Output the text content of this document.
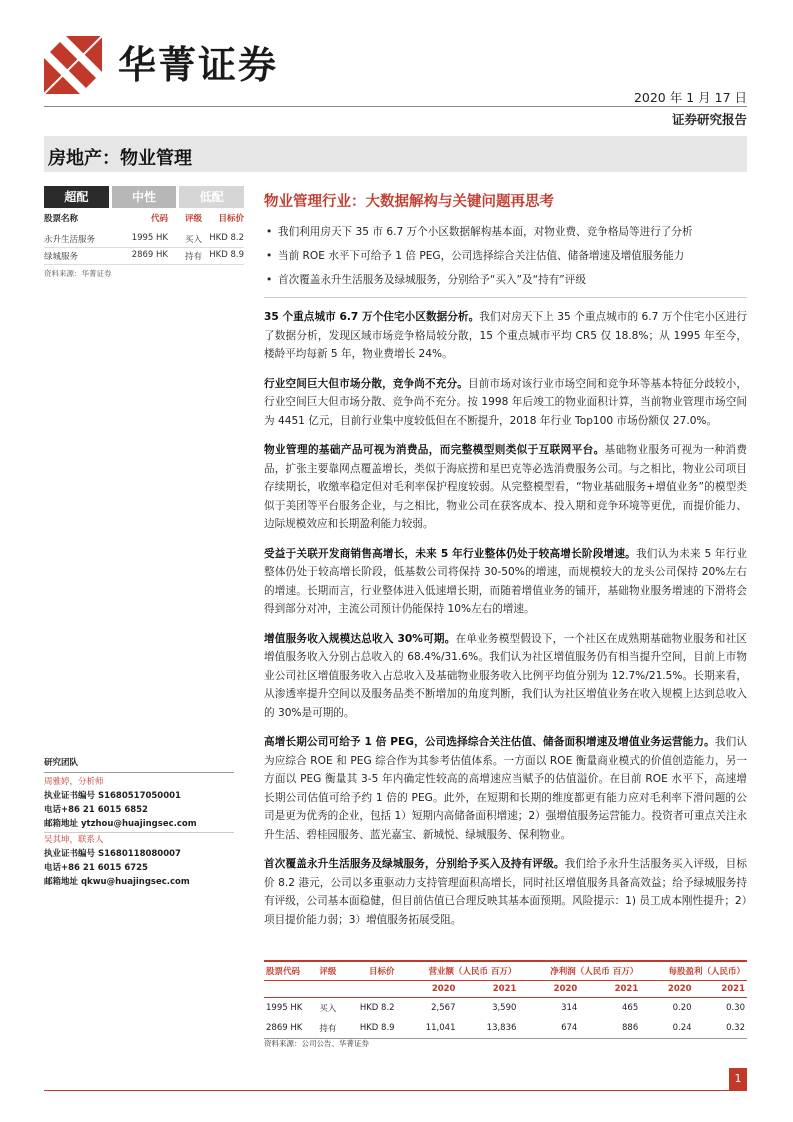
华菁证券
2020 年 1 月 17 日
证券研究报告
房地产：物业管理
超配	中性	低配
股票名称	代码	评级	目标价
永升生活服务	1995 HK	买入 HKD 8.2
绿城服务	2869 HK	持有 HKD 8.9
资料来源：华菁证券
研究团队
周雅婷，分析师
执业证书编号 S1680517050001
电话+86 21 6015 6852
邮箱地址 ytzhou@huajingsec.com
吴其坤，联系人
执业证书编号 S1680118080007
电话+86 21 6015 6725
邮箱地址 qkwu@huajingsec.com
物业管理行业：大数据解构与关键问题再思考
• 我们利用房天下 35 市 6.7 万个小区数据解构基本面，对物业费、竞争格局等进行了分析
• 当前 ROE 水平下可给予 1 倍 PEG，公司选择综合关注估值、储备增速及增值服务能力
• 首次覆盖永升生活服务及绿城服务，分别给予“买入”及“持有”评级

35 个重点城市 6.7 万个住宅小区数据分析。我们对房天下上 35 个重点城市的 6.7 万个住宅小区进行了数据分析，发现区域市场竞争格局较分散，15 个重点城市平均 CR5 仅 18.8%；从 1995 年至今，楼龄平均每新 5 年，物业费增长 24%。

行业空间巨大但市场分散，竞争尚不充分。目前市场对该行业市场空间和竞争环等基本特征分歧较小，行业空间巨大但市场分散、竞争尚不充分。按 1998 年后竣工的物业面积计算，当前物业管理市场空间为 4451 亿元，目前行业集中度较低但在不断提升，2018 年行业 Top100 市场份额仅 27.0%。

物业管理的基础产品可视为消费品，而完整模型则类似于互联网平台。基础物业服务可视为一种消费品，扩张主要靠网点覆盖增长，类似于海底捞和星巴克等必选消费服务公司。与之相比，物业公司项目存续期长，收缴率稳定但对毛利率保护程度较弱。从完整模型看，“物业基础服务+增值业务”的模型类似于美团等平台服务企业，与之相比，物业公司在获客成本、投入期和竞争环境等更优，而提价能力、边际规模效应和长期盈利能力较弱。

受益于关联开发商销售高增长，未来 5 年行业整体仍处于较高增长阶段增速。我们认为未来 5 年行业整体仍处于较高增长阶段，低基数公司将保持 30-50%的增速，而规模较大的龙头公司保持 20%左右的增速。长期而言，行业整体进入低速增长期，而随着增值业务的铺开，基础物业服务增速的下滑将会得到部分对冲，主流公司预计仍能保持 10%左右的增速。

增值服务收入规模达总收入 30%可期。在单业务模型假设下，一个社区在成熟期基础物业服务和社区增值服务收入分别占总收入的 68.4%/31.6%。我们认为社区增值服务仍有相当提升空间，目前上市物业公司社区增值服务收入占总收入及基础物业服务收入比例平均值分别为 12.7%/21.5%。长期来看，从渗透率提升空间以及服务品类不断增加的角度判断，我们认为社区增值业务在收入规模上达到总收入的 30%是可期的。

高增长期公司可给予 1 倍 PEG，公司选择综合关注估值、储备面积增速及增值业务运营能力。我们认为应综合 ROE 和 PEG 综合作为其参考估值体系。一方面以 ROE 衡量商业模式的价值创造能力，另一方面以 PEG 衡量其 3-5 年内确定性较高的高增速应当赋予的估值溢价。在目前 ROE 水平下，高速增长期公司估值可给予约 1 倍的 PEG。此外，在短期和长期的维度都更有能力应对毛利率下滑问题的公司是更为优秀的企业，包括 1）短期内高储备面积增速；2）强增值服务运营能力。投资者可重点关注永升生活、碧桂园服务、蓝光嘉宝、新城悦、绿城服务、保利物业。

首次覆盖永升生活服务及绿城服务，分别给予买入及持有评级。我们给予永升生活服务买入评级，目标价 8.2 港元，公司以多重驱动力支持管理面积高增长，同时社区增值服务具备高效益；给予绿城服务持有评级，公司基本面稳健，但目前估值已合理反映其基本面预期。风险提示：1) 员工成本刚性提升；2）项目提价能力弱；3）增值服务拓展受阻。

股票代码	评级	目标价	营业额（人民币 百万）		净利润（人民币 百万）		每股盈利（人民币）	
			2020	2021	2020	2021	2020	2021
1995 HK	买入	HKD 8.2	2,567	3,590	314	465	0.20	0.30
2869 HK	持有	HKD 8.9	11,041	13,836	674	886	0.24	0.32
资料来源：公司公告、华菁证券
1
